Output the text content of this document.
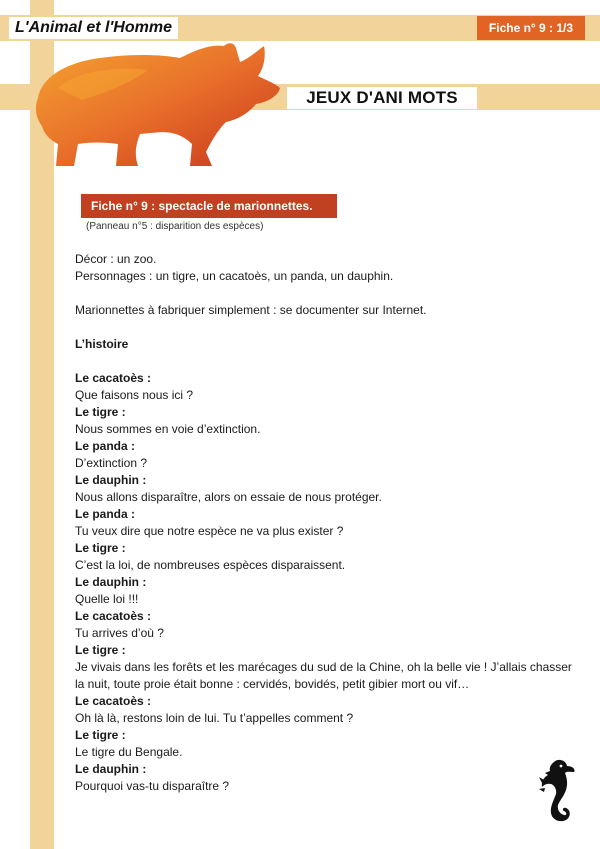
L'Animal et l'Homme	Fiche n° 9 : 1/3
JEUX D'ANI MOTS
Fiche n° 9 : spectacle de marionnettes.
(Panneau n°5 : disparition des espèces)

Décor : un zoo.

Personnages : un tigre, un cacatoès, un panda, un dauphin.

Marionnettes à fabriquer simplement : se documenter sur Internet.

L’histoire

Le cacatoès :

Que faisons nous ici ?

Le tigre :

Nous sommes en voie d’extinction.

Le panda :

D’extinction ?

Le dauphin :

Nous allons disparaître, alors on essaie de nous protéger.

Le panda :

Tu veux dire que notre espèce ne va plus exister ?

Le tigre :

C’est la loi, de nombreuses espèces disparaissent.

Le dauphin :

Quelle loi !!!

Le cacatoès :

Tu arrives d’où ?

Le tigre :

Je vivais dans les forêts et les marécages du sud de la Chine, oh la belle vie ! J’allais chasser la nuit, toute proie était bonne : cervidés, bovidés, petit gibier mort ou vif…

Le cacatoès :

Oh là là, restons loin de lui. Tu t’appelles comment ?

Le tigre :

Le tigre du Bengale.

Le dauphin :

Pourquoi vas-tu disparaître ?
